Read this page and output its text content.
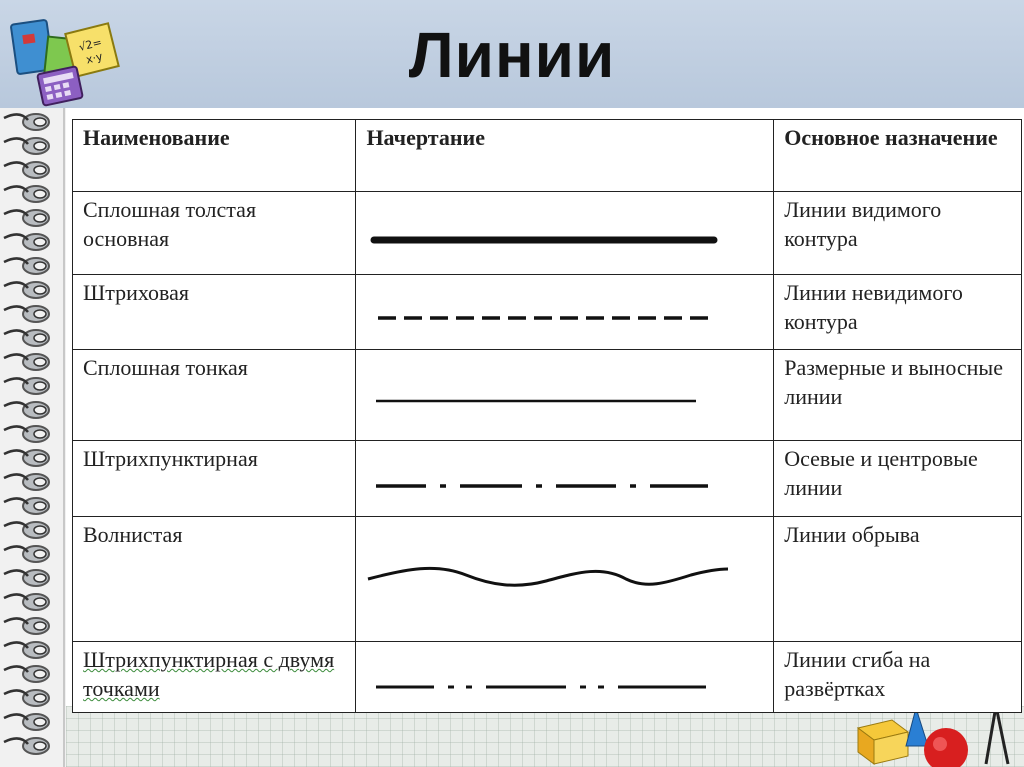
√2=
x·y	Линии
Наименование	Начертание	Основное назначение
Сплошная толстая основная		Линии видимого контура
Штриховая		Линии невидимого контура
Сплошная тонкая		Размерные и выносные линии
Штрихпунктирная		Осевые и центровые линии
Волнистая		Линии обрыва
Штрихпунктирная с двумя точками		Линии сгиба на развёртках
